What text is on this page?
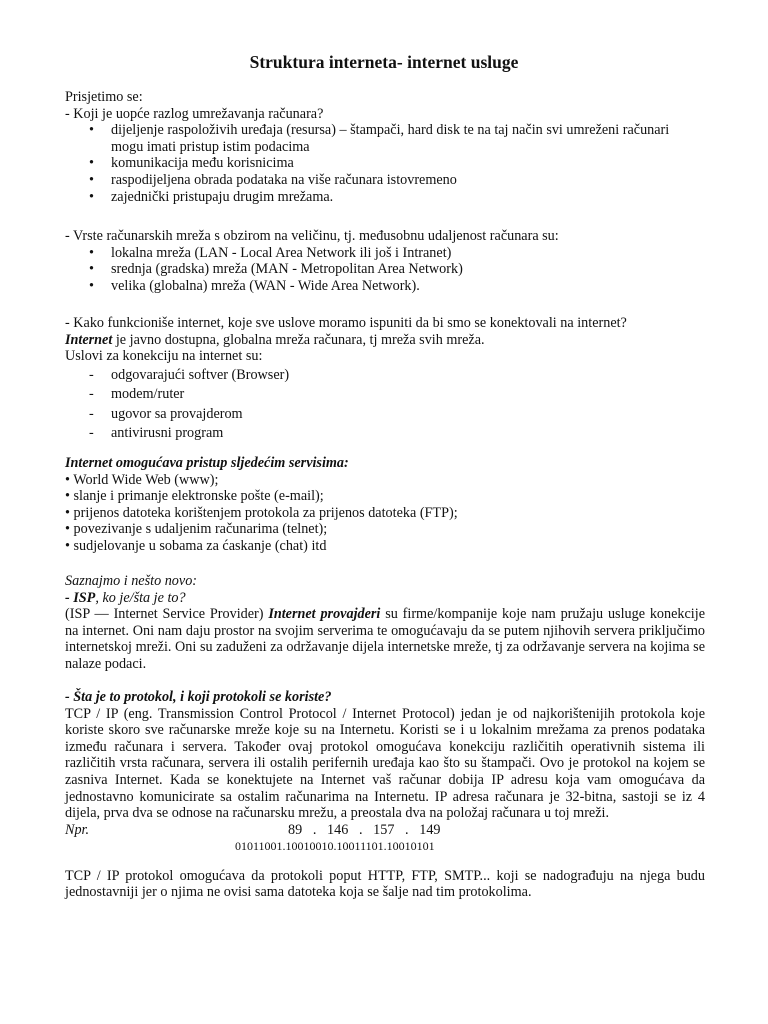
Struktura interneta- internet usluge
Prisjetimo se:
- Koji je uopće razlog umrežavanja računara?
• dijeljenje raspoloživih uređaja (resursa) – štampači, hard disk te na taj način svi umreženi računari mogu imati pristup istim podacima
• komunikacija među korisnicima
• raspodijeljena obrada podataka na više računara istovremeno
• zajednički pristupaju drugim mrežama.
- Vrste računarskih mreža s obzirom na veličinu, tj. međusobnu udaljenost računara su:
• lokalna mreža (LAN - Local Area Network ili još i Intranet)
• srednja (gradska) mreža (MAN - Metropolitan Area Network)
• velika (globalna) mreža (WAN - Wide Area Network).
- Kako funkcioniše internet, koje sve uslove moramo ispuniti da bi smo se konektovali na internet?
Internet je javno dostupna, globalna mreža računara, tj mreža svih mreža.
Uslovi za konekciju na internet su:
- odgovarajući softver (Browser)
- modem/ruter
- ugovor sa provajderom
- antivirusni program
Internet omogućava pristup sljedećim servisima:
• World Wide Web (www);
• slanje i primanje elektronske pošte (e-mail);
• prijenos datoteka korištenjem protokola za prijenos datoteka (FTP);
• povezivanje s udaljenim računarima (telnet);
• sudjelovanje u sobama za ćaskanje (chat) itd
Saznajmo i nešto novo:
- ISP, ko je/šta je to?
(ISP — Internet Service Provider) Internet provajderi su firme/kompanije koje nam pružaju usluge konekcije na internet. Oni nam daju prostor na svojim serverima te omogućavaju da se putem njihovih servera priključimo internetskoj mreži. Oni su zaduženi za održavanje dijela internetske mreže, tj za održavanje servera na kojima se nalaze podaci.
- Šta je to protokol, i koji protokoli se koriste?
TCP / IP (eng. Transmission Control Protocol / Internet Protocol) jedan je od najkorištenijih protokola koje koriste skoro sve računarske mreže koje su na Internetu. Koristi se i u lokalnim mrežama za prenos podataka između računara i servera. Također ovaj protokol omogućava konekciju različitih operativnih sistema ili različitih vrsta računara, servera ili ostalih perifernih uređaja kao što su štampači. Ovo je protokol na kojem se zasniva Internet. Kada se konektujete na Internet vaš računar dobija IP adresu koja vam omogućava da jednostavno komunicirate sa ostalim računarima na Internetu. IP adresa računara je 32-bitna, sastoji se iz 4 dijela, prva dva se odnose na računarsku mrežu, a preostala dva na položaj računara u toj mreži.
Npr.	89   .   146   .   157   .   149
01011001.10010010.10011101.10010101
TCP / IP protokol omogućava da protokoli poput HTTP, FTP, SMTP... koji se nadograđuju na njega budu jednostavniji jer o njima ne ovisi sama datoteka koja se šalje nad tim protokolima.
